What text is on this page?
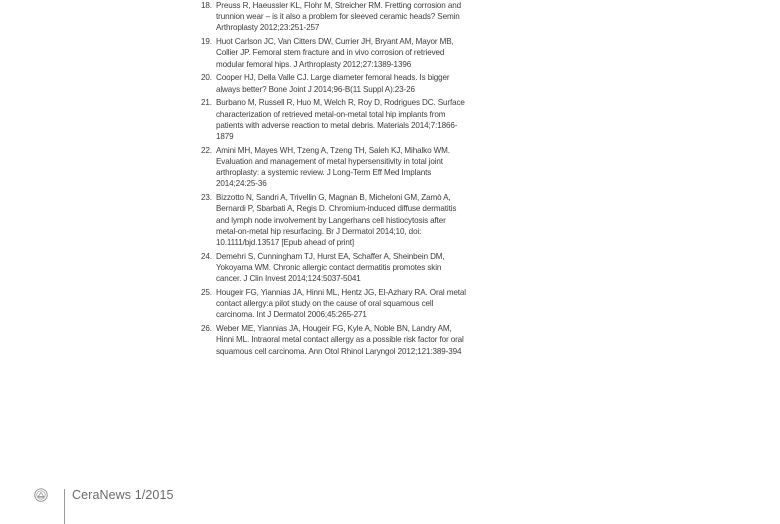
18. Preuss R, Haeussler KL, Flohr M, Streicher RM. Fretting corrosion and trunnion wear – is it also a problem for sleeved ceramic heads? Semin Arthroplasty 2012;23:251-257
19. Huot Carlson JC, Van Citters DW, Currier JH, Bryant AM, Mayor MB, Collier JP. Femoral stem fracture and in vivo corrosion of retrieved modular femoral hips. J Arthroplasty 2012;27:1389-1396
20. Cooper HJ, Della Valle CJ. Large diameter femoral heads. Is bigger always better? Bone Joint J 2014;96-B(11 Suppl A):23-26
21. Burbano M, Russell R, Huo M, Welch R, Roy D, Rodrigues DC. Surface characterization of retrieved metal-on-metal total hip implants from patients with adverse reaction to metal debris. Materials 2014;7:1866-1879
22. Amini MH, Mayes WH, Tzeng A, Tzeng TH, Saleh KJ, Mihalko WM. Evaluation and management of metal hypersensitivity in total joint arthroplasty: a systemic review. J Long-Term Eff Med Implants 2014;24:25-36
23. Bizzotto N, Sandri A, Trivellin G, Magnan B, Micheloni GM, Zamò A, Bernardi P, Sbarbati A, Regis D. Chromium-induced diffuse dermatitis and lymph node involvement by Langerhans cell histiocytosis after metal-on-metal hip resurfacing. Br J Dermatol 2014;10, doi: 10.1111/bjd.13517 [Epub ahead of print]
24. Demehri S, Cunningham TJ, Hurst EA, Schaffer A, Sheinbein DM, Yokoyama WM. Chronic allergic contact dermatitis promotes skin cancer. J Clin Invest 2014;124:5037-5041
25. Hougeir FG, Yiannias JA, Hinni ML, Hentz JG, El-Azhary RA. Oral metal contact allergy:a pilot study on the cause of oral squamous cell carcinoma. Int J Dermatol 2006;45:265-271
26. Weber ME, Yiannias JA, Hougeir FG, Kyle A, Noble BN, Landry AM, Hinni ML. Intraoral metal contact allergy as a possible risk factor for oral squamous cell carcinoma. Ann Otol Rhinol Laryngol 2012;121:389-394
CeraNews 1/2015
